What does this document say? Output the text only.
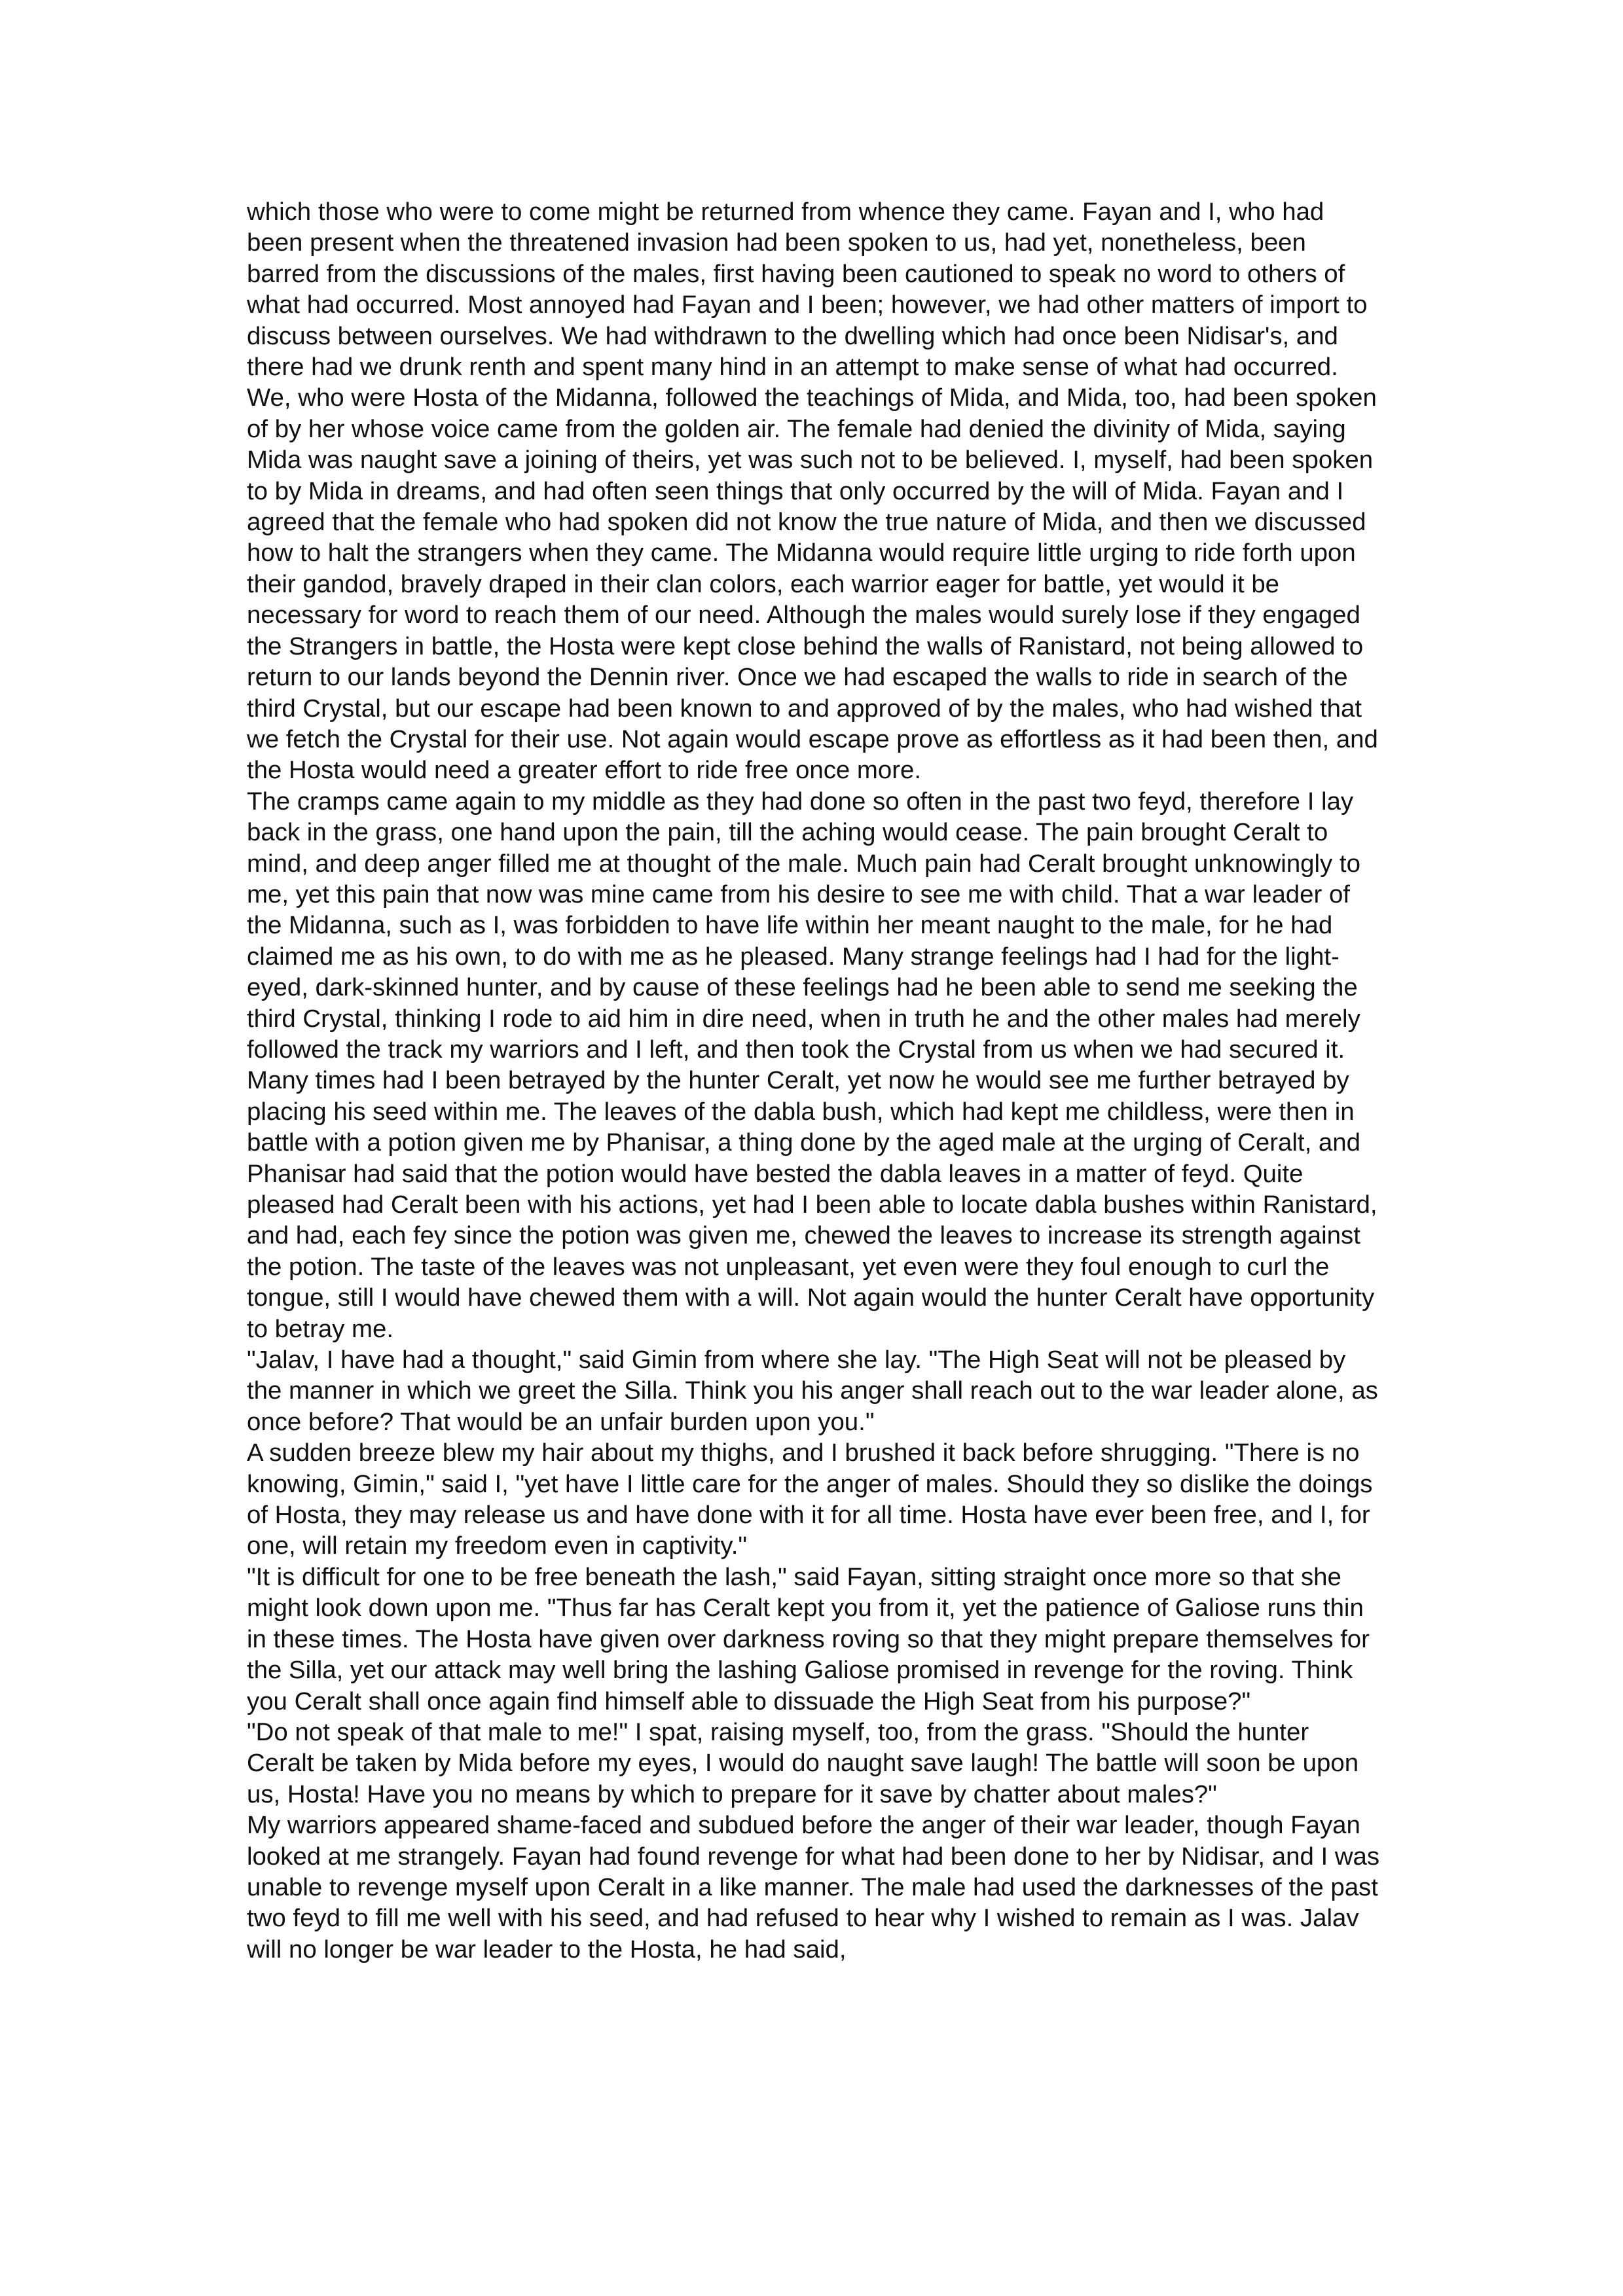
which those who were to come might be returned from whence they came. Fayan and I, who had been present when the threatened invasion had been spoken to us, had yet, nonetheless, been barred from the discussions of the males, first having been cautioned to speak no word to others of what had occurred. Most annoyed had Fayan and I been; however, we had other matters of import to discuss between ourselves. We had withdrawn to the dwelling which had once been Nidisar's, and there had we drunk renth and spent many hind in an attempt to make sense of what had occurred.

We, who were Hosta of the Midanna, followed the teachings of Mida, and Mida, too, had been spoken of by her whose voice came from the golden air. The female had denied the divinity of Mida, saying Mida was naught save a joining of theirs, yet was such not to be believed. I, myself, had been spoken to by Mida in dreams, and had often seen things that only occurred by the will of Mida. Fayan and I agreed that the female who had spoken did not know the true nature of Mida, and then we discussed how to halt the strangers when they came. The Midanna would require little urging to ride forth upon their gandod, bravely draped in their clan colors, each warrior eager for battle, yet would it be necessary for word to reach them of our need. Although the males would surely lose if they engaged the Strangers in battle, the Hosta were kept close behind the walls of Ranistard, not being allowed to return to our lands beyond the Dennin river. Once we had escaped the walls to ride in search of the third Crystal, but our escape had been known to and approved of by the males, who had wished that we fetch the Crystal for their use. Not again would escape prove as effortless as it had been then, and the Hosta would need a greater effort to ride free once more.

The cramps came again to my middle as they had done so often in the past two feyd, therefore I lay back in the grass, one hand upon the pain, till the aching would cease. The pain brought Ceralt to mind, and deep anger filled me at thought of the male. Much pain had Ceralt brought unknowingly to me, yet this pain that now was mine came from his desire to see me with child. That a war leader of the Midanna, such as I, was forbidden to have life within her meant naught to the male, for he had claimed me as his own, to do with me as he pleased. Many strange feelings had I had for the light-eyed, dark-skinned hunter, and by cause of these feelings had he been able to send me seeking the third Crystal, thinking I rode to aid him in dire need, when in truth he and the other males had merely followed the track my warriors and I left, and then took the Crystal from us when we had secured it. Many times had I been betrayed by the hunter Ceralt, yet now he would see me further betrayed by placing his seed within me. The leaves of the dabla bush, which had kept me childless, were then in battle with a potion given me by Phanisar, a thing done by the aged male at the urging of Ceralt, and Phanisar had said that the potion would have bested the dabla leaves in a matter of feyd. Quite pleased had Ceralt been with his actions, yet had I been able to locate dabla bushes within Ranistard, and had, each fey since the potion was given me, chewed the leaves to increase its strength against the potion. The taste of the leaves was not unpleasant, yet even were they foul enough to curl the tongue, still I would have chewed them with a will. Not again would the hunter Ceralt have opportunity to betray me.

"Jalav, I have had a thought," said Gimin from where she lay. "The High Seat will not be pleased by the manner in which we greet the Silla. Think you his anger shall reach out to the war leader alone, as once before? That would be an unfair burden upon you."

A sudden breeze blew my hair about my thighs, and I brushed it back before shrugging. "There is no knowing, Gimin," said I, "yet have I little care for the anger of males. Should they so dislike the doings of Hosta, they may release us and have done with it for all time. Hosta have ever been free, and I, for one, will retain my freedom even in captivity."

"It is difficult for one to be free beneath the lash," said Fayan, sitting straight once more so that she might look down upon me. "Thus far has Ceralt kept you from it, yet the patience of Galiose runs thin in these times. The Hosta have given over darkness roving so that they might prepare themselves for the Silla, yet our attack may well bring the lashing Galiose promised in revenge for the roving. Think you Ceralt shall once again find himself able to dissuade the High Seat from his purpose?"

"Do not speak of that male to me!" I spat, raising myself, too, from the grass. "Should the hunter Ceralt be taken by Mida before my eyes, I would do naught save laugh! The battle will soon be upon us, Hosta! Have you no means by which to prepare for it save by chatter about males?"

My warriors appeared shame-faced and subdued before the anger of their war leader, though Fayan looked at me strangely. Fayan had found revenge for what had been done to her by Nidisar, and I was unable to revenge myself upon Ceralt in a like manner. The male had used the darknesses of the past two feyd to fill me well with his seed, and had refused to hear why I wished to remain as I was. Jalav will no longer be war leader to the Hosta, he had said,
